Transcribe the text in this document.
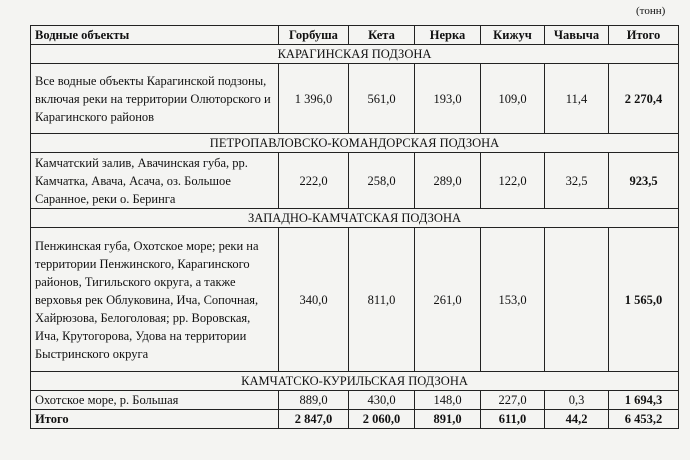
(тонн)
Водные объекты	Горбуша	Кета	Нерка	Кижуч	Чавыча	Итого
КАРАГИНСКАЯ ПОДЗОНА						
Все водные объекты Карагинской подзоны, включая реки на территории Олюторского и Карагинского районов	1 396,0	561,0	193,0	109,0	11,4	2 270,4
ПЕТРОПАВЛОВСКО-КОМАНДОРСКАЯ ПОДЗОНА						
Камчатский залив, Авачинская губа, рр. Камчатка, Авача, Асача, оз. Большое Саранное, реки о. Беринга	222,0	258,0	289,0	122,0	32,5	923,5
ЗАПАДНО-КАМЧАТСКАЯ ПОДЗОНА						
Пенжинская губа, Охотское море; реки на территории Пенжинского, Карагинского районов, Тигильского округа, а также верховья рек Облуковина, Ича, Сопочная, Хайрюзова, Белоголовая; рр. Воровская, Ича, Крутогорова, Удова на территории Быстринского округа	340,0	811,0	261,0	153,0		1 565,0
КАМЧАТСКО-КУРИЛЬСКАЯ ПОДЗОНА						
Охотское море, р. Большая	889,0	430,0	148,0	227,0	0,3	1 694,3
Итого	2 847,0	2 060,0	891,0	611,0	44,2	6 453,2
